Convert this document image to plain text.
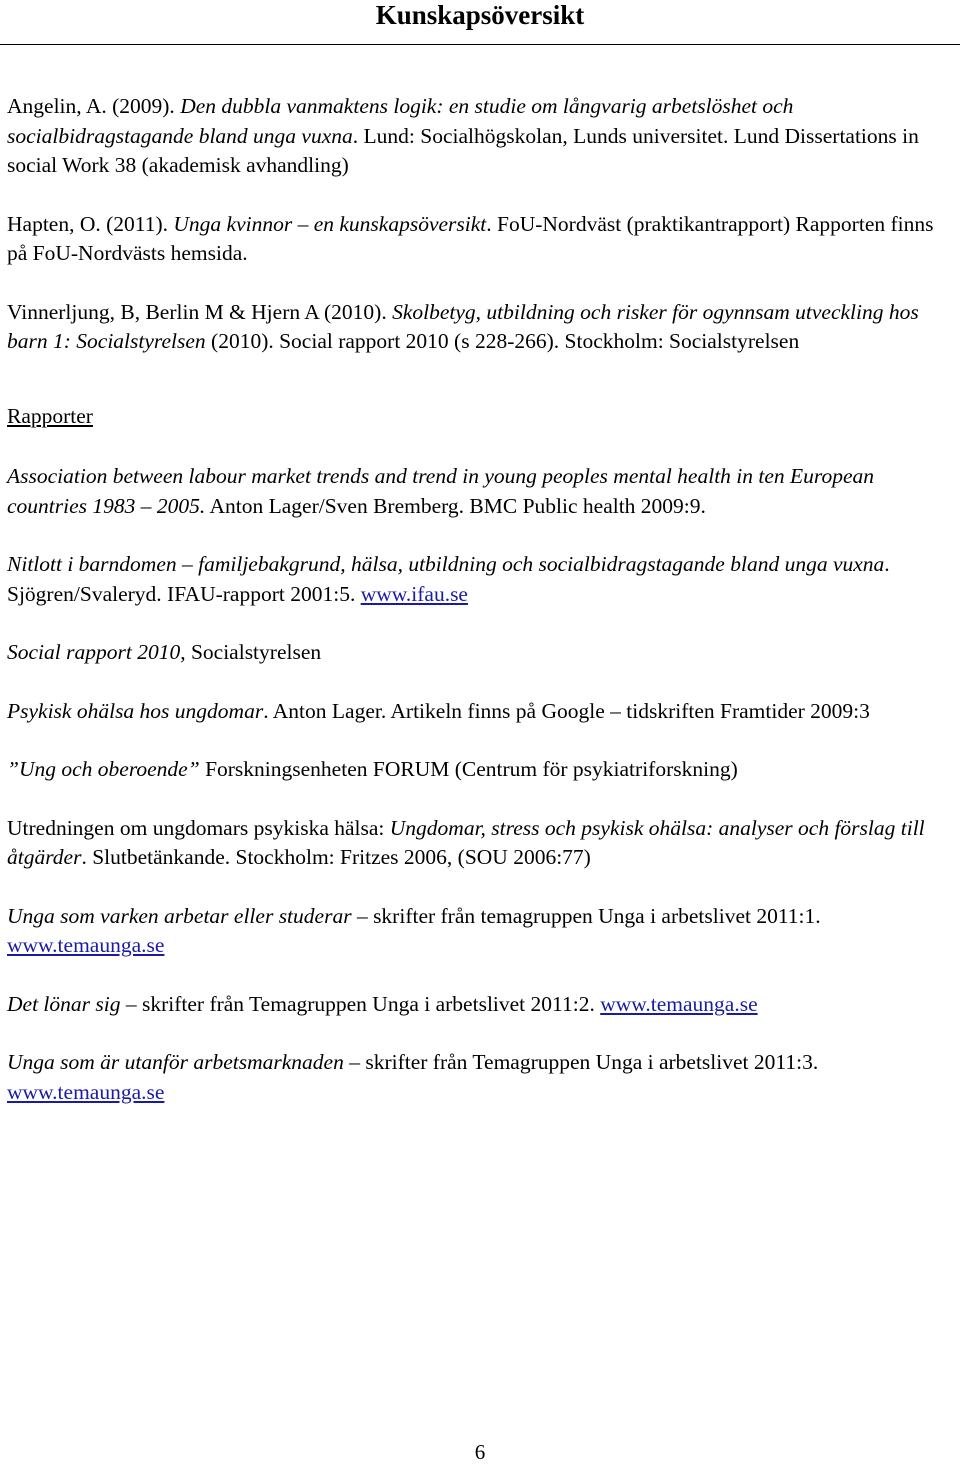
Kunskapsöversikt

Angelin, A. (2009). Den dubbla vanmaktens logik: en studie om långvarig arbetslöshet och socialbidragstagande bland unga vuxna. Lund: Socialhögskolan, Lunds universitet. Lund Dissertations in social Work 38 (akademisk avhandling)

Hapten, O. (2011). Unga kvinnor – en kunskapsöversikt. FoU-Nordväst (praktikantrapport) Rapporten finns på FoU-Nordvästs hemsida.

Vinnerljung, B, Berlin M & Hjern A (2010). Skolbetyg, utbildning och risker för ogynnsam utveckling hos barn 1: Socialstyrelsen (2010). Social rapport 2010 (s 228-266). Stockholm: Socialstyrelsen

Rapporter

Association between labour market trends and trend in young peoples mental health in ten European countries 1983 – 2005. Anton Lager/Sven Bremberg. BMC Public health 2009:9.

Nitlott i barndomen – familjebakgrund, hälsa, utbildning och socialbidragstagande bland unga vuxna. Sjögren/Svaleryd. IFAU-rapport 2001:5. www.ifau.se

Social rapport 2010, Socialstyrelsen

Psykisk ohälsa hos ungdomar. Anton Lager. Artikeln finns på Google – tidskriften Framtider 2009:3

”Ung och oberoende” Forskningsenheten FORUM (Centrum för psykiatriforskning)

Utredningen om ungdomars psykiska hälsa: Ungdomar, stress och psykisk ohälsa: analyser och förslag till åtgärder. Slutbetänkande. Stockholm: Fritzes 2006, (SOU 2006:77)

Unga som varken arbetar eller studerar – skrifter från temagruppen Unga i arbetslivet 2011:1. www.temaunga.se

Det lönar sig – skrifter från Temagruppen Unga i arbetslivet 2011:2. www.temaunga.se

Unga som är utanför arbetsmarknaden – skrifter från Temagruppen Unga i arbetslivet 2011:3. www.temaunga.se

6
